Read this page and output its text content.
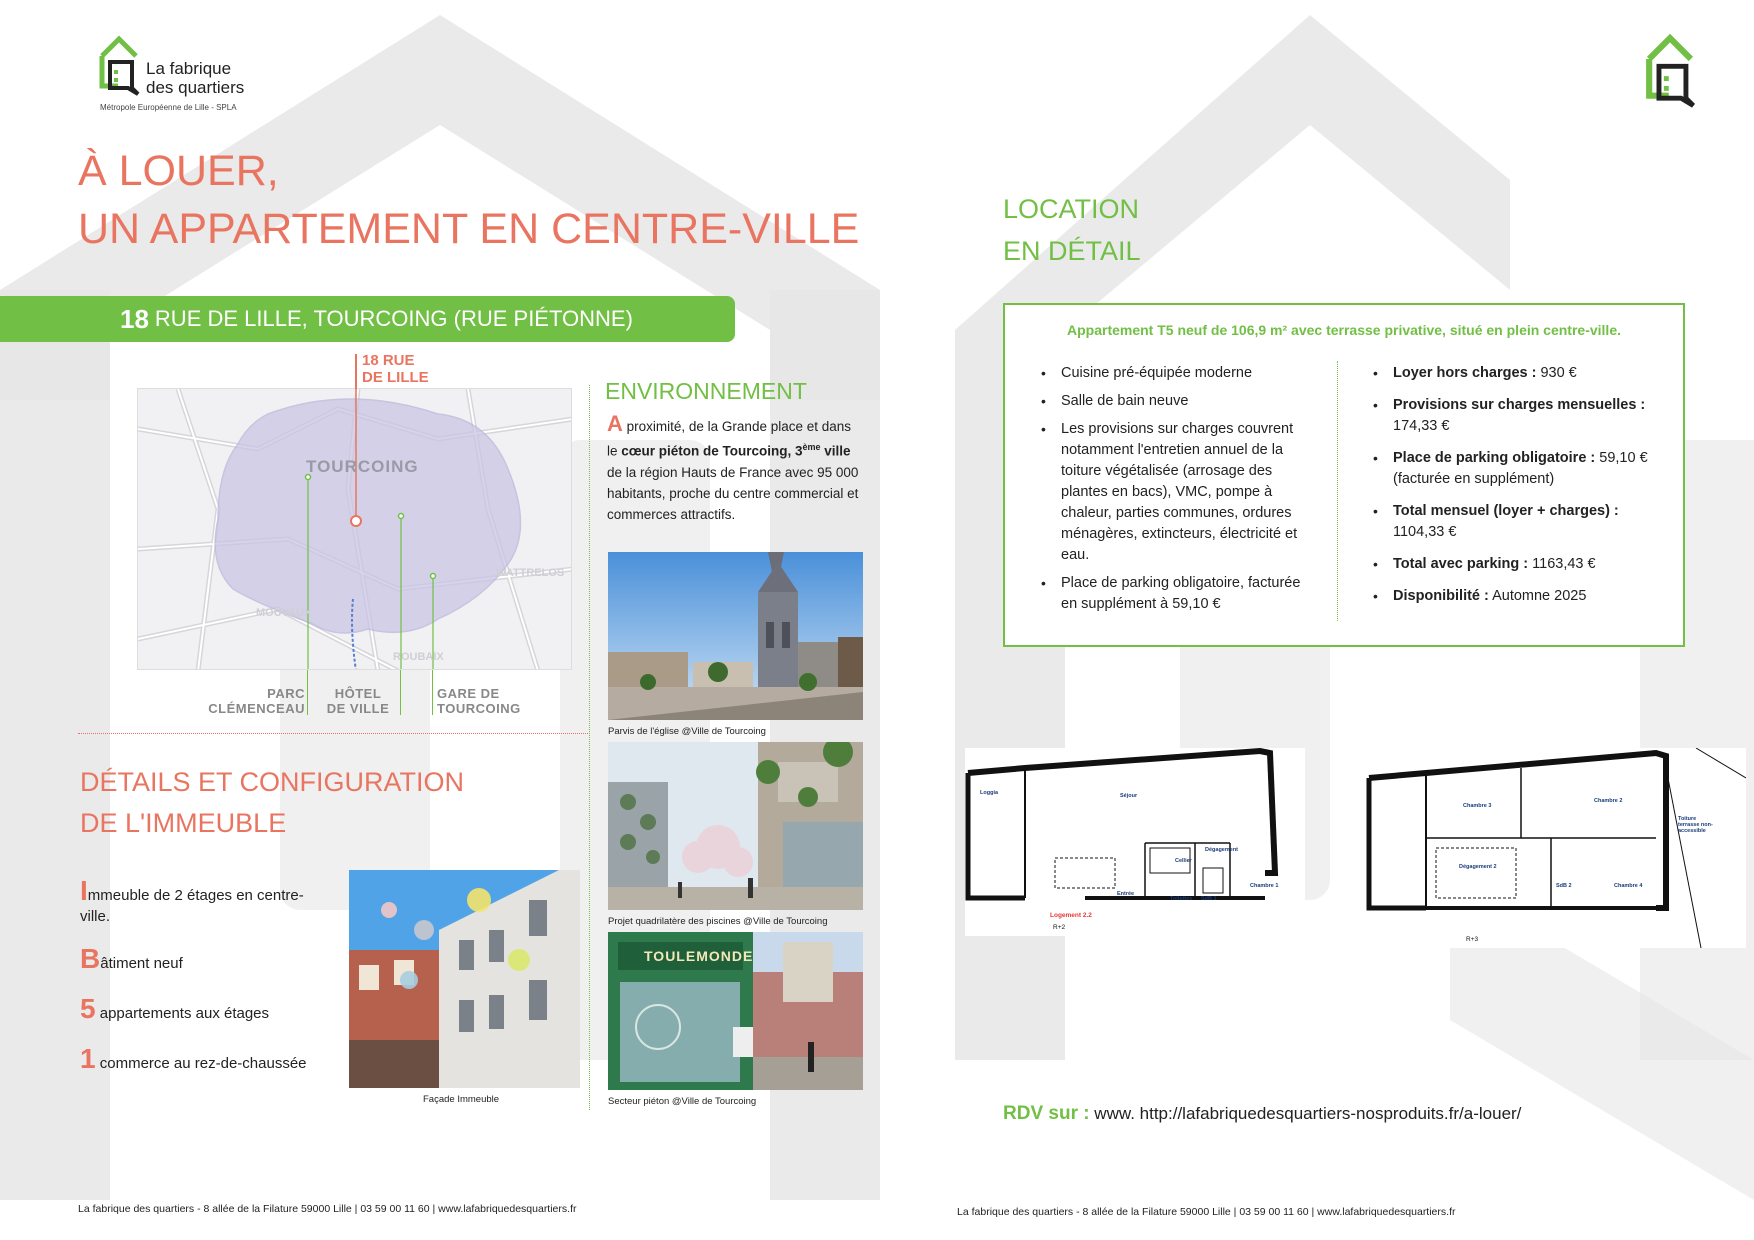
La fabrique
des quartiers
Métropole Européenne de Lille - SPLA
À LOUER,
UN APPARTEMENT EN CENTRE-VILLE
18 RUE DE LILLE, TOURCOING (RUE PIÉTONNE)
TOURCOING
WATTRELOS
MOUVAUX
ROUBAIX
18 RUE
DE LILLE
PARC
CLÉMENCEAU
HÔTEL
DE VILLE
GARE DE
TOURCOING
ENVIRONNEMENT
A proximité, de la Grande place et dans le cœur piéton de Tourcoing, 3ème ville de la région Hauts de France avec 95 000 habitants, proche du centre commercial et commerces attractifs.
Parvis de l'église @Ville de Tourcoing
Projet quadrilatère des piscines @Ville de Tourcoing
TOULEMONDE
Secteur piéton @Ville de Tourcoing
DÉTAILS ET CONFIGURATION
DE L'IMMEUBLE
Immeuble de 2 étages en centre-ville.
Bâtiment neuf
5 appartements aux étages
1 commerce au rez-de-chaussée
Façade Immeuble
La fabrique des quartiers - 8 allée de la Filature 59000 Lille | 03 59 00 11 60 | www.lafabriquedesquartiers.fr
LOCATION
EN DÉTAIL
Appartement T5 neuf de 106,9 m² avec terrasse privative, situé en plein centre-ville.
• Cuisine pré-équipée moderne
• Salle de bain neuve
• Les provisions sur charges couvrent notamment l'entretien annuel de la toiture végétalisée (arrosage des plantes en bacs), VMC, pompe à chaleur, parties communes, ordures ménagères, extincteurs, électricité et eau.
• Place de parking obligatoire, facturée en supplément à 59,10 €
• Loyer hors charges : 930 €
• Provisions sur charges mensuelles : 174,33 €
• Place de parking obligatoire : 59,10 € (facturée en supplément)
• Total mensuel (loyer + charges) : 1104,33 €
• Total avec parking : 1163,43 €
• Disponibilité : Automne 2025
Loggia	Séjour
Cellier
Dégagement
Toilettes
Entrée
SdB 1
Chambre 1
Logement 2.2
R+2
Chambre 3
Chambre 2
Dégagement 2
SdB 2	Chambre 4
Toiture terrasse non-accessible
R+3
RDV sur : www. http://lafabriquedesquartiers-nosproduits.fr/a-louer/
La fabrique des quartiers - 8 allée de la Filature 59000 Lille | 03 59 00 11 60 | www.lafabriquedesquartiers.fr
